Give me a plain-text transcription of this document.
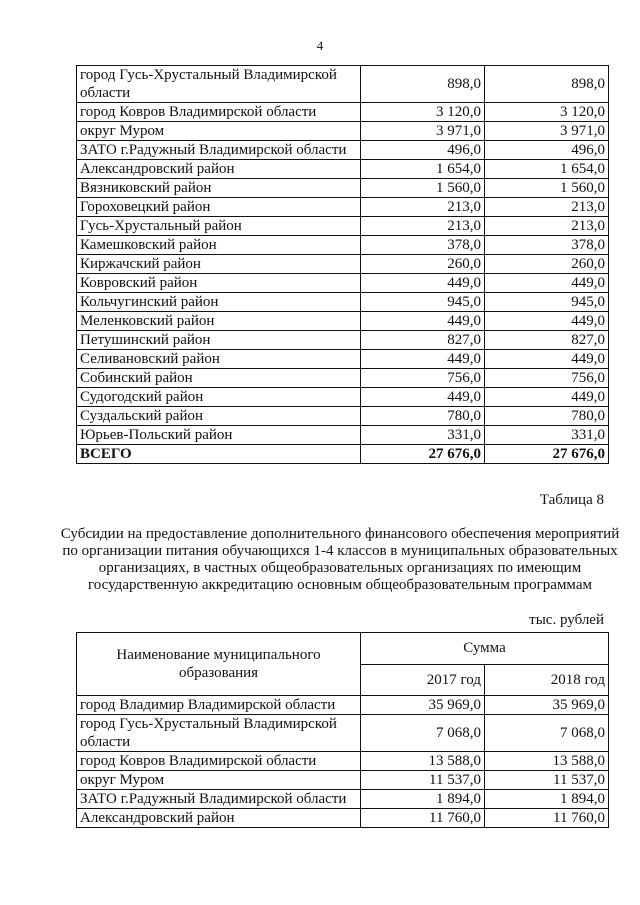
4
город Гусь-Хрустальный Владимирской области	898,0	898,0
город Ковров Владимирской области	3 120,0	3 120,0
округ Муром	3 971,0	3 971,0
ЗАТО г.Радужный Владимирской области	496,0	496,0
Александровский район	1 654,0	1 654,0
Вязниковский район	1 560,0	1 560,0
Гороховецкий район	213,0	213,0
Гусь-Хрустальный район	213,0	213,0
Камешковский район	378,0	378,0
Киржачский район	260,0	260,0
Ковровский район	449,0	449,0
Кольчугинский район	945,0	945,0
Меленковский район	449,0	449,0
Петушинский район	827,0	827,0
Селивановский район	449,0	449,0
Собинский район	756,0	756,0
Судогодский район	449,0	449,0
Суздальский район	780,0	780,0
Юрьев-Польский район	331,0	331,0
ВСЕГО	27 676,0	27 676,0
Таблица 8
Субсидии на предоставление дополнительного финансового обеспечения мероприятий по организации питания обучающихся 1-4 классов в муниципальных образовательных организациях, в частных общеобразовательных организациях по имеющим государственную аккредитацию основным общеобразовательным программам
тыс. рублей
Наименование муниципального образования	Сумма	
	2017 год	2018 год
город Владимир Владимирской области	35 969,0	35 969,0
город Гусь-Хрустальный Владимирской области	7 068,0	7 068,0
город Ковров Владимирской области	13 588,0	13 588,0
округ Муром	11 537,0	11 537,0
ЗАТО г.Радужный Владимирской области	1 894,0	1 894,0
Александровский район	11 760,0	11 760,0
